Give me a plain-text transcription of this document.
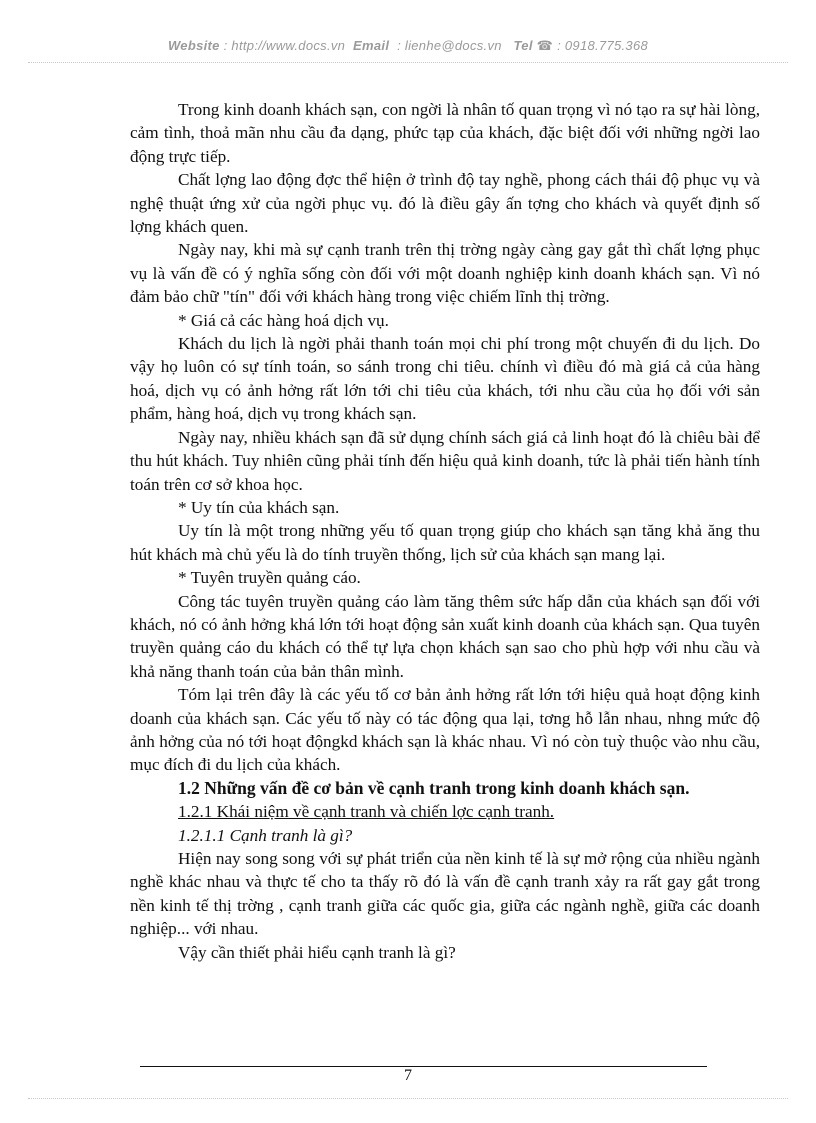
Website : http://www.docs.vn Email : lienhe@docs.vn Tel ☎ : 0918.775.368

Trong kinh doanh khách sạn, con ngời là nhân tố quan trọng vì nó tạo ra sự hài lòng, cảm tình, thoả mãn nhu cầu đa dạng, phức tạp của khách, đặc biệt đối với những ngời lao động trực tiếp.

Chất lợng lao động đợc thể hiện ở trình độ tay nghề, phong cách thái độ phục vụ và nghệ thuật ứng xử của ngời phục vụ. đó là điều gây ấn tợng cho khách và quyết định số lợng khách quen.

Ngày nay, khi mà sự cạnh tranh trên thị trờng ngày càng gay gắt thì chất lợng phục vụ là vấn đề có ý nghĩa sống còn đối với một doanh nghiệp kinh doanh khách sạn. Vì nó đảm bảo chữ "tín" đối với khách hàng trong việc chiếm lĩnh thị trờng.

* Giá cả các hàng hoá dịch vụ.

Khách du lịch là ngời phải thanh toán mọi chi phí trong một chuyến đi du lịch. Do vậy họ luôn có sự tính toán, so sánh trong chi tiêu. chính vì điều đó mà giá cả của hàng hoá, dịch vụ có ảnh hởng rất lớn tới chi tiêu của khách, tới nhu cầu của họ đối với sản phẩm, hàng hoá, dịch vụ trong khách sạn.

Ngày nay, nhiều khách sạn đã sử dụng chính sách giá cả linh hoạt đó là chiêu bài để thu hút khách. Tuy nhiên cũng phải tính đến hiệu quả kinh doanh, tức là phải tiến hành tính toán trên cơ sở khoa học.

* Uy tín của khách sạn.

Uy tín là một trong những yếu tố quan trọng giúp cho khách sạn tăng khả ăng thu hút khách mà chủ yếu là do tính truyền thống, lịch sử của khách sạn mang lại.

* Tuyên truyền quảng cáo.

Công tác tuyên truyền quảng cáo làm tăng thêm sức hấp dẫn của khách sạn đối với khách, nó có ảnh hởng khá lớn tới hoạt động sản xuất kinh doanh của khách sạn. Qua tuyên truyền quảng cáo du khách có thể tự lựa chọn khách sạn sao cho phù hợp với nhu cầu và khả năng thanh toán của bản thân mình.

Tóm lại trên đây là các yếu tố cơ bản ảnh hởng rất lớn tới hiệu quả hoạt động kinh doanh của khách sạn. Các yếu tố này có tác động qua lại, tơng hỗ lẫn nhau, nhng mức độ ảnh hởng của nó tới hoạt độngkd khách sạn là khác nhau. Vì nó còn tuỳ thuộc vào nhu cầu, mục đích đi du lịch của khách.

1.2 Những vấn đề cơ bản về cạnh tranh trong kinh doanh khách sạn.

1.2.1 Khái niệm về cạnh tranh và chiến lợc cạnh tranh.

1.2.1.1 Cạnh tranh là gì?

Hiện nay song song với sự phát triển của nền kinh tế là sự mở rộng của nhiều ngành nghề khác nhau và thực tế cho ta thấy rõ đó là vấn đề cạnh tranh xảy ra rất gay gắt trong nền kinh tế thị trờng , cạnh tranh giữa các quốc gia, giữa các ngành nghề, giữa các doanh nghiệp... với nhau.

Vậy cần thiết phải hiểu cạnh tranh là gì?

7
